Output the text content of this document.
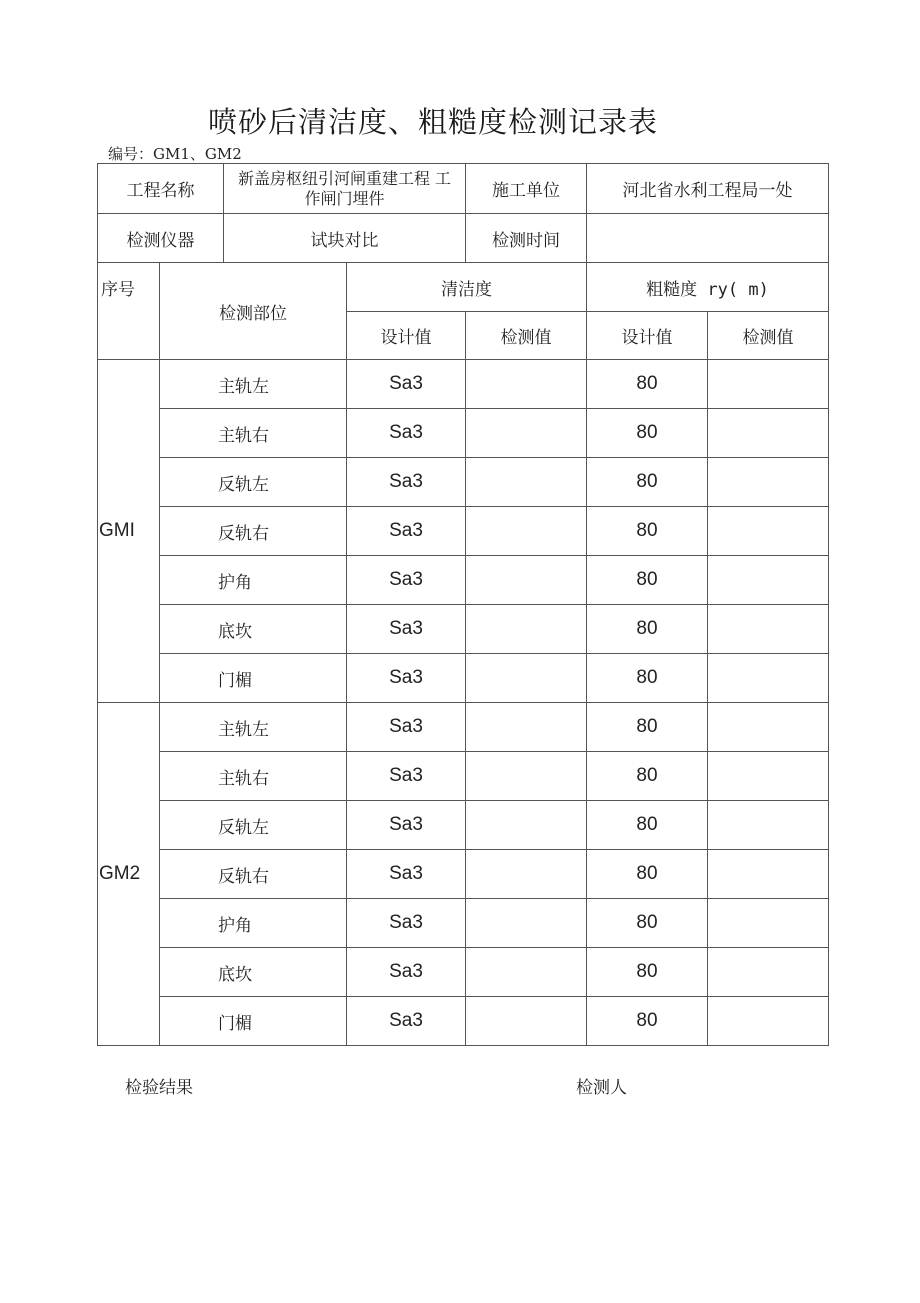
喷砂后清洁度、粗糙度检测记录表
编号：GM1、GM2
工程名称		新盖房枢纽引河闸重建工程 工作闸门埋件		施工单位	河北省水利工程局一处	
检测仪器		试块对比		检测时间		
序号	检测部位		清洁度		粗糙度 ry( m)	
			设计值	检测值	设计值	检测值
GMI	主轨左		Sa3		80	
	主轨右		Sa3		80	
	反轨左		Sa3		80	
	反轨右		Sa3		80	
	护角		Sa3		80	
	底坎		Sa3		80	
	门楣		Sa3		80	
GM2	主轨左		Sa3		80	
	主轨右		Sa3		80	
	反轨左		Sa3		80	
	反轨右		Sa3		80	
	护角		Sa3		80	
	底坎		Sa3		80	
	门楣		Sa3		80	
检验结果	检测人
